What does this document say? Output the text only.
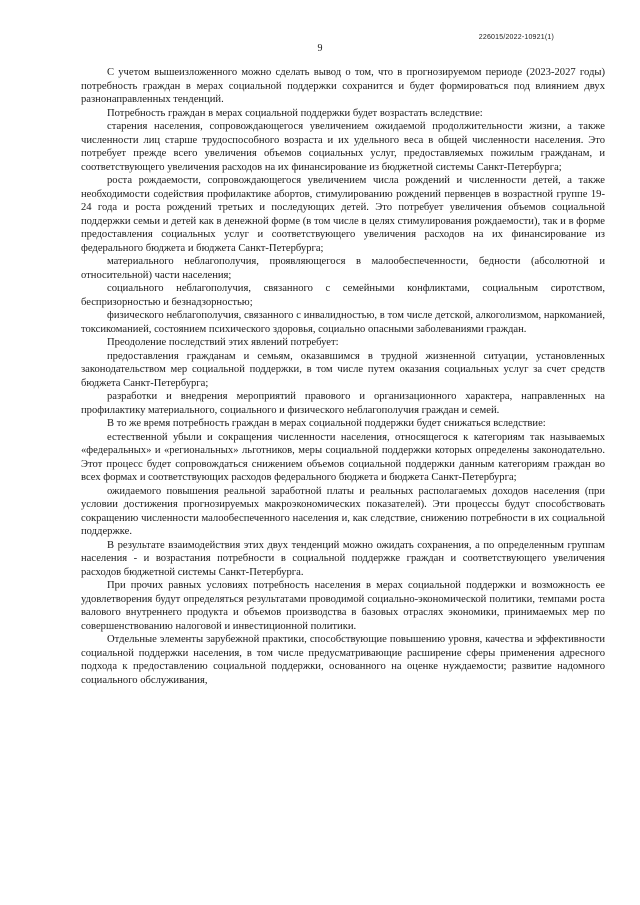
226015/2022-10921(1)
9

С учетом вышеизложенного можно сделать вывод о том, что в прогнозируемом периоде (2023-2027 годы) потребность граждан в мерах социальной поддержки сохранится и будет формироваться под влиянием двух разнонаправленных тенденций.

Потребность граждан в мерах социальной поддержки будет возрастать вследствие:

старения населения, сопровождающегося увеличением ожидаемой продолжительности жизни, а также численности лиц старше трудоспособного возраста и их удельного веса в общей численности населения. Это потребует прежде всего увеличения объемов социальных услуг, предоставляемых пожилым гражданам, и соответствующего увеличения расходов на их финансирование из бюджетной системы Санкт-Петербурга;

роста рождаемости, сопровождающегося увеличением числа рождений и численности детей, а также необходимости содействия профилактике абортов, стимулированию рождений первенцев в возрастной группе 19-24 года и роста рождений третьих и последующих детей. Это потребует увеличения объемов социальной поддержки семьи и детей как в денежной форме (в том числе в целях стимулирования рождаемости), так и в форме предоставления социальных услуг и соответствующего увеличения расходов на их финансирование из федерального бюджета и бюджета Санкт-Петербурга;

материального неблагополучия, проявляющегося в малообеспеченности, бедности (абсолютной и относительной) части населения;

социального неблагополучия, связанного с семейными конфликтами, социальным сиротством, беспризорностью и безнадзорностью;

физического неблагополучия, связанного с инвалидностью, в том числе детской, алкоголизмом, наркоманией, токсикоманией, состоянием психического здоровья, социально опасными заболеваниями граждан.

Преодоление последствий этих явлений потребует:

предоставления гражданам и семьям, оказавшимся в трудной жизненной ситуации, установленных законодательством мер социальной поддержки, в том числе путем оказания социальных услуг за счет средств бюджета Санкт-Петербурга;

разработки и внедрения мероприятий правового и организационного характера, направленных на профилактику материального, социального и физического неблагополучия граждан и семей.

В то же время потребность граждан в мерах социальной поддержки будет снижаться вследствие:

естественной убыли и сокращения численности населения, относящегося к категориям так называемых «федеральных» и «региональных» льготников, меры социальной поддержки которых определены законодательно. Этот процесс будет сопровождаться снижением объемов социальной поддержки данным категориям граждан во всех формах и соответствующих расходов федерального бюджета и бюджета Санкт-Петербурга;

ожидаемого повышения реальной заработной платы и реальных располагаемых доходов населения (при условии достижения прогнозируемых макроэкономических показателей). Эти процессы будут способствовать сокращению численности малообеспеченного населения и, как следствие, снижению потребности в их социальной поддержке.

В результате взаимодействия этих двух тенденций можно ожидать сохранения, а по определенным группам населения - и возрастания потребности в социальной поддержке граждан и соответствующего увеличения расходов бюджетной системы Санкт-Петербурга.

При прочих равных условиях потребность населения в мерах социальной поддержки и возможность ее удовлетворения будут определяться результатами проводимой социально-экономической политики, темпами роста валового внутреннего продукта и объемов производства в базовых отраслях экономики, принимаемых мер по совершенствованию налоговой и инвестиционной политики.

Отдельные элементы зарубежной практики, способствующие повышению уровня, качества и эффективности социальной поддержки населения, в том числе предусматривающие расширение сферы применения адресного подхода к предоставлению социальной поддержки, основанного на оценке нуждаемости; развитие надомного социального обслуживания,
